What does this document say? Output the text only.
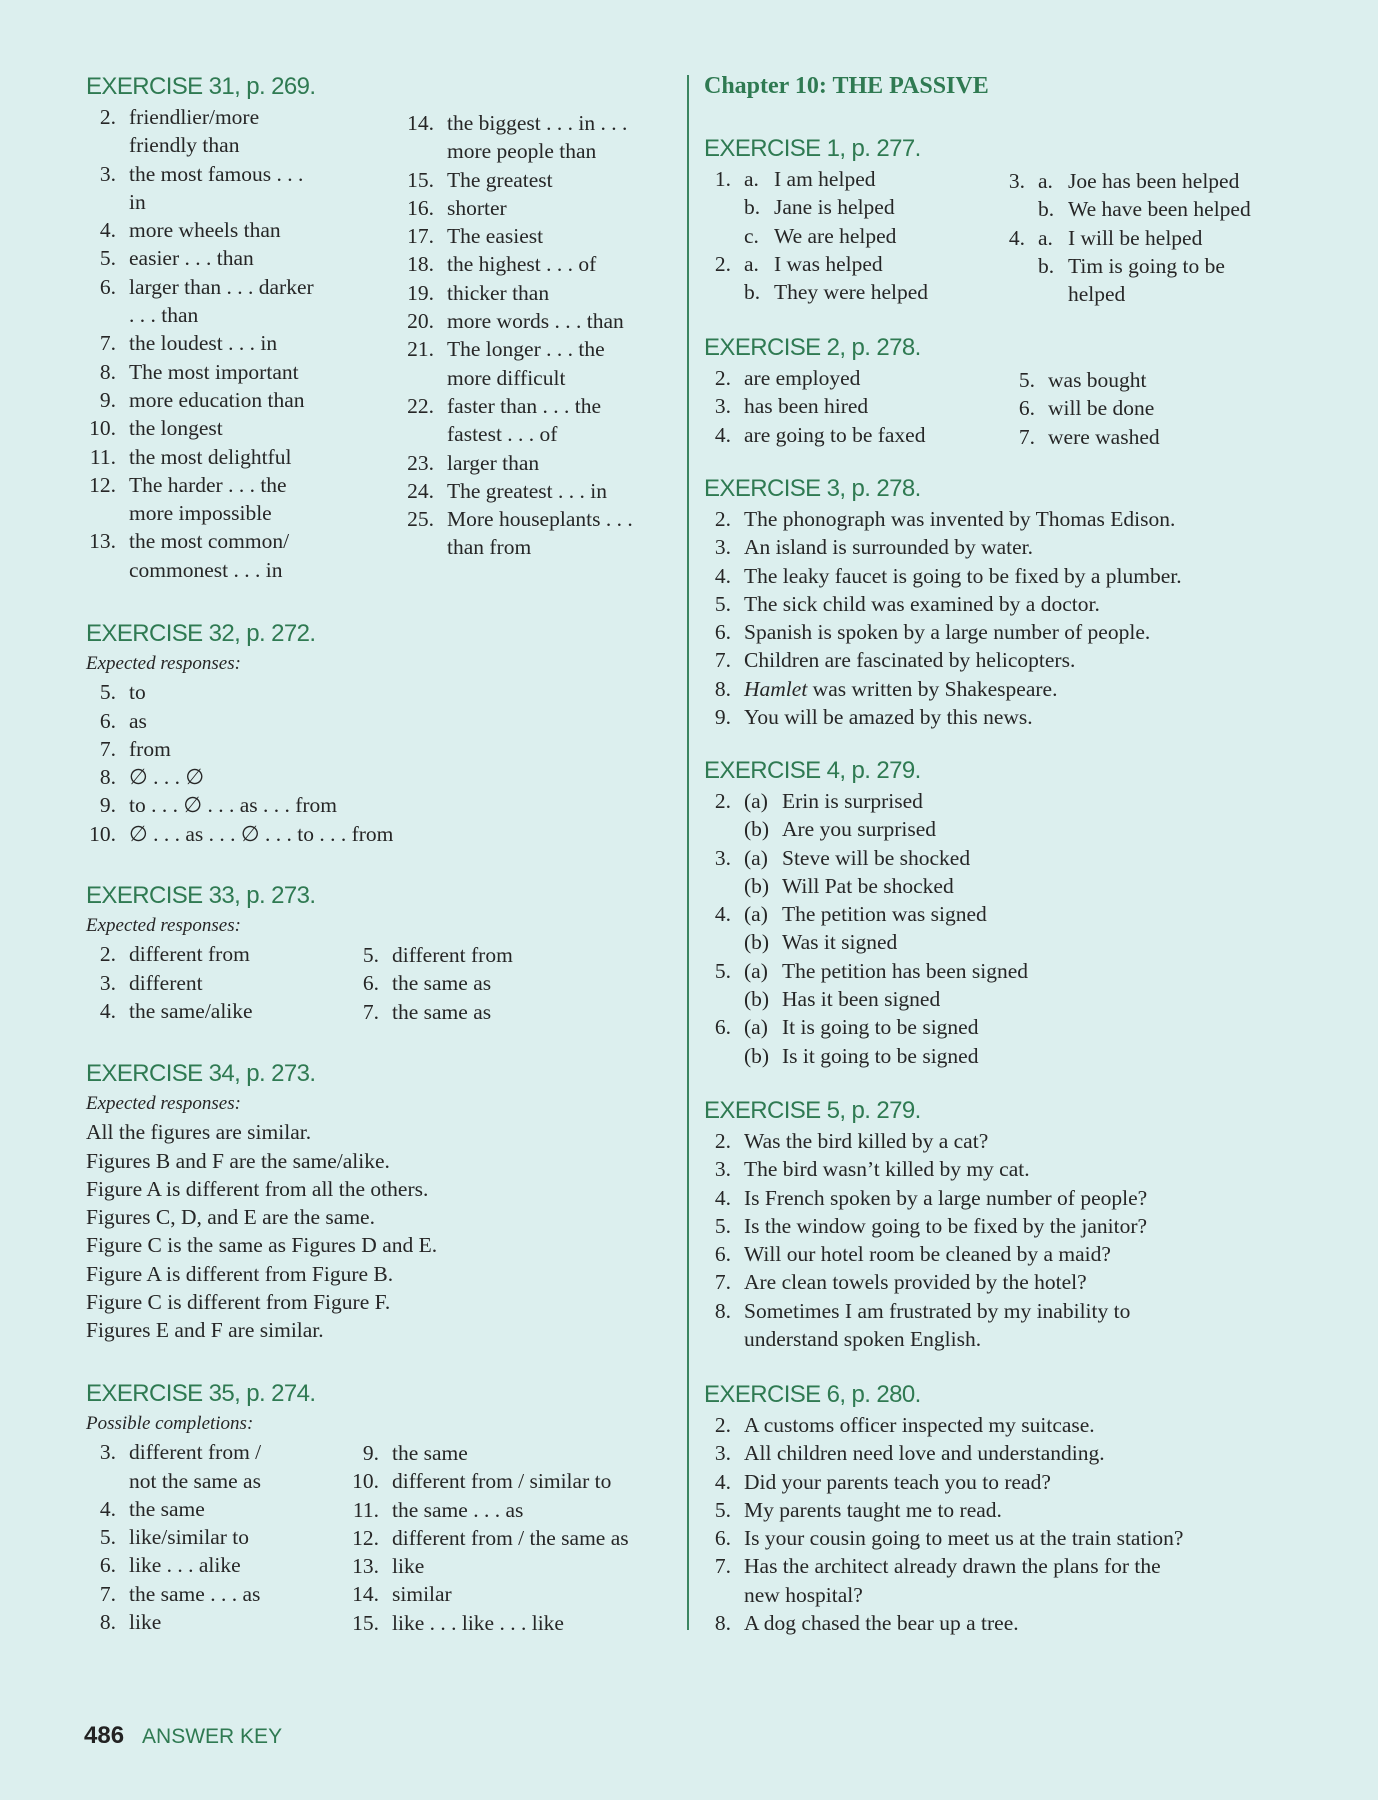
EXERCISE 31, p. 269.
2. friendlier/more
friendly than
3. the most famous . . .
in
4. more wheels than
5. easier . . . than
6. larger than . . . darker
. . . than
7. the loudest . . . in
8. The most important
9. more education than
10. the longest
11. the most delightful
12. The harder . . . the
more impossible
13. the most common/
commonest . . . in
14. the biggest . . . in . . .
more people than
15. The greatest
16. shorter
17. The easiest
18. the highest . . . of
19. thicker than
20. more words . . . than
21. The longer . . . the
more difficult
22. faster than . . . the
fastest . . . of
23. larger than
24. The greatest . . . in
25. More houseplants . . .
than from
EXERCISE 32, p. 272.
Expected responses:
5. to
6. as
7. from
8. ∅ . . . ∅
9. to . . . ∅ . . . as . . . from
10. ∅ . . . as . . . ∅ . . . to . . . from
EXERCISE 33, p. 273.
Expected responses:
2. different from
3. different
4. the same/alike
5. different from
6. the same as
7. the same as
EXERCISE 34, p. 273.
Expected responses:
All the figures are similar.
Figures B and F are the same/alike.
Figure A is different from all the others.
Figures C, D, and E are the same.
Figure C is the same as Figures D and E.
Figure A is different from Figure B.
Figure C is different from Figure F.
Figures E and F are similar.
EXERCISE 35, p. 274.
Possible completions:
3. different from /
not the same as
4. the same
5. like/similar to
6. like . . . alike
7. the same . . . as
8. like
9. the same
10. different from / similar to
11. the same . . . as
12. different from / the same as
13. like
14. similar
15. like . . . like . . . like
Chapter 10: THE PASSIVE
EXERCISE 1, p. 277.
1. a. I am helped
b. Jane is helped
c. We are helped
2. a. I was helped
b. They were helped
3. a. Joe has been helped
b. We have been helped
4. a. I will be helped
b. Tim is going to be
helped
EXERCISE 2, p. 278.
2. are employed
3. has been hired
4. are going to be faxed
5. was bought
6. will be done
7. were washed
EXERCISE 3, p. 278.
2. The phonograph was invented by Thomas Edison.
3. An island is surrounded by water.
4. The leaky faucet is going to be fixed by a plumber.
5. The sick child was examined by a doctor.
6. Spanish is spoken by a large number of people.
7. Children are fascinated by helicopters.
8. Hamlet was written by Shakespeare.
9. You will be amazed by this news.
EXERCISE 4, p. 279.
2. (a) Erin is surprised
(b) Are you surprised
3. (a) Steve will be shocked
(b) Will Pat be shocked
4. (a) The petition was signed
(b) Was it signed
5. (a) The petition has been signed
(b) Has it been signed
6. (a) It is going to be signed
(b) Is it going to be signed
EXERCISE 5, p. 279.
2. Was the bird killed by a cat?
3. The bird wasn’t killed by my cat.
4. Is French spoken by a large number of people?
5. Is the window going to be fixed by the janitor?
6. Will our hotel room be cleaned by a maid?
7. Are clean towels provided by the hotel?
8. Sometimes I am frustrated by my inability to
understand spoken English.
EXERCISE 6, p. 280.
2. A customs officer inspected my suitcase.
3. All children need love and understanding.
4. Did your parents teach you to read?
5. My parents taught me to read.
6. Is your cousin going to meet us at the train station?
7. Has the architect already drawn the plans for the
new hospital?
8. A dog chased the bear up a tree.
486 ANSWER KEY
